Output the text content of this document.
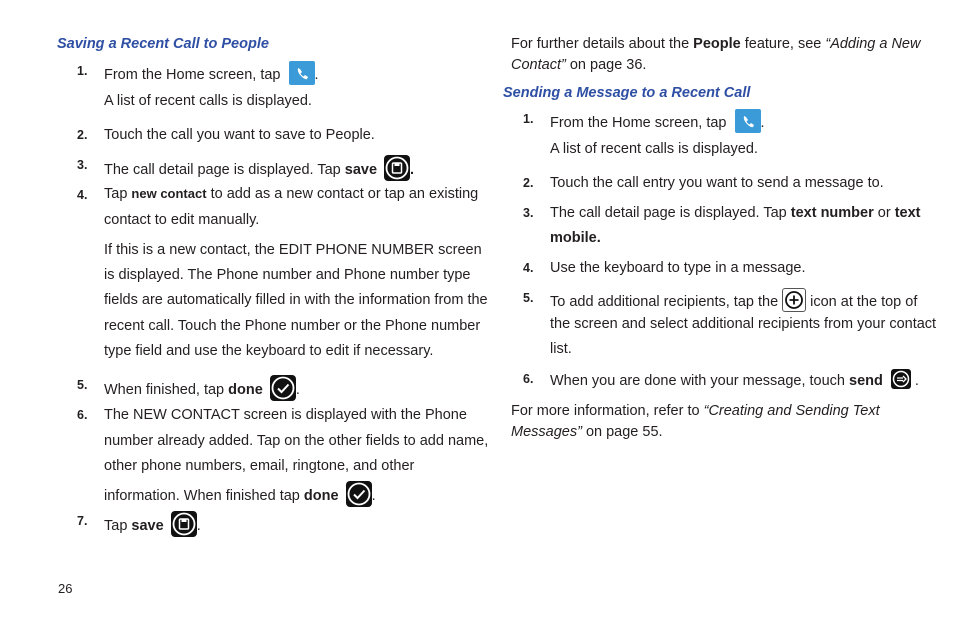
Saving a Recent Call to People
1. From the Home screen, tap .
A list of recent calls is displayed.
2. Touch the call you want to save to People.
3. The call detail page is displayed. Tap save .
4. Tap new contact to add as a new contact or tap an existing
contact to edit manually.
If this is a new contact, the EDIT PHONE NUMBER screen
is displayed. The Phone number and Phone number type
fields are automatically filled in with the information from the
recent call. Touch the Phone number or the Phone number
type field and use the keyboard to edit if necessary.
5. When finished, tap done .
6. The NEW CONTACT screen is displayed with the Phone
number already added. Tap on the other fields to add name,
other phone numbers, email, ringtone, and other
information. When finished tap done .
7. Tap save .
26
For further details about the People feature, see “Adding a New
Contact” on page 36.
Sending a Message to a Recent Call
1. From the Home screen, tap .
A list of recent calls is displayed.
2. Touch the call entry you want to send a message to.
3. The call detail page is displayed. Tap text number or text
mobile.
4. Use the keyboard to type in a message.
5. To add additional recipients, tap the icon at the top of
the screen and select additional recipients from your contact
list.
6. When you are done with your message, touch send .
For more information, refer to “Creating and Sending Text
Messages” on page 55.
